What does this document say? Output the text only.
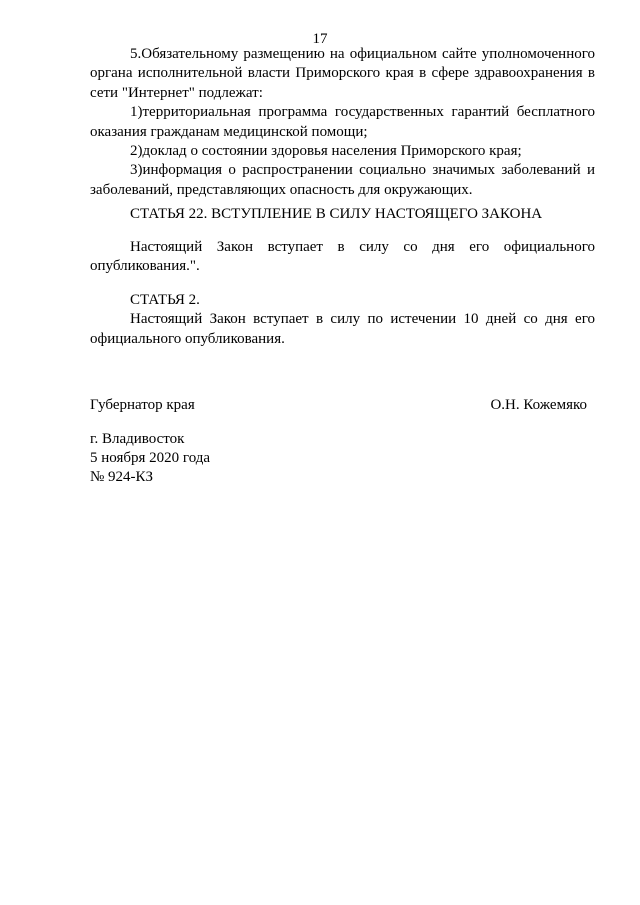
17

5.Обязательному размещению на официальном сайте уполномоченного органа исполнительной власти Приморского края в сфере здравоохранения в сети "Интернет" подлежат:

1)территориальная программа государственных гарантий бесплатного оказания гражданам медицинской помощи;

2)доклад о состоянии здоровья населения Приморского края;

3)информация о распространении социально значимых заболеваний и заболеваний, представляющих опасность для окружающих.

СТАТЬЯ 22. ВСТУПЛЕНИЕ В СИЛУ НАСТОЯЩЕГО ЗАКОНА

Настоящий Закон вступает в силу со дня его официального опубликования.".

СТАТЬЯ 2.

Настоящий Закон вступает в силу по истечении 10 дней со дня его официального опубликования.

Губернатор края	О.Н. Кожемяко
г. Владивосток
5 ноября 2020 года
№ 924-КЗ
